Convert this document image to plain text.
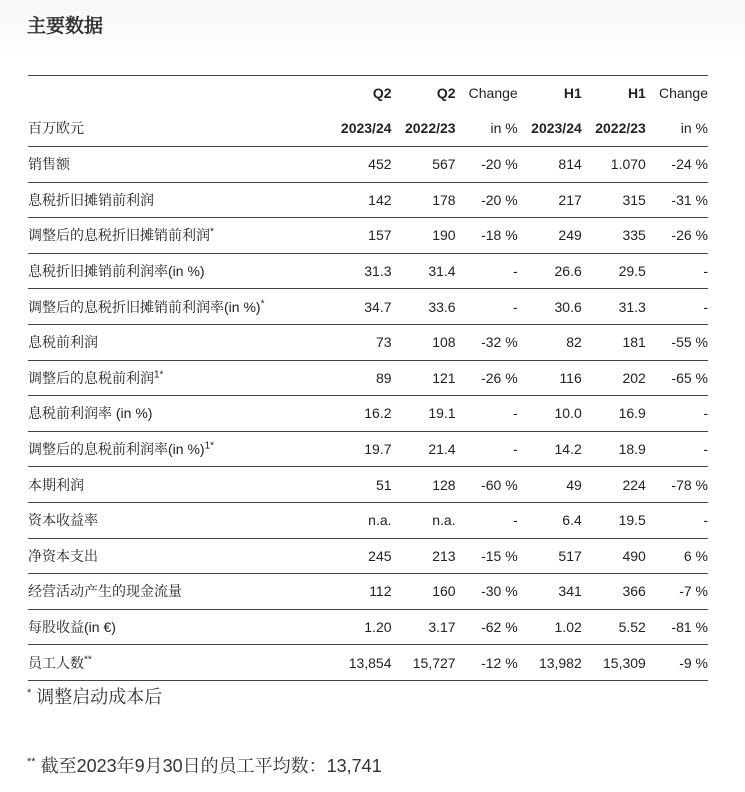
主要数据
	Q2	Q2	Change	H1	H1	Change
百万欧元	2023/24	2022/23	in %	2023/24	2022/23	in %
销售额	452	567	-20 %	814	1.070	-24 %
息税折旧摊销前利润	142	178	-20 %	217	315	-31 %
调整后的息税折旧摊销前利润*	157	190	-18 %	249	335	-26 %
息税折旧摊销前利润率(in %)	31.3	31.4	-	26.6	29.5	-
调整后的息税折旧摊销前利润率(in %)*	34.7	33.6	-	30.6	31.3	-
息税前利润	73	108	-32 %	82	181	-55 %
调整后的息税前利润$^{1*}$	89	121	-26 %	116	202	-65 %
息税前利润率 (in %)	16.2	19.1	-	10.0	16.9	-
调整后的息税前利润率(in %)$^{1*}$	19.7	21.4	-	14.2	18.9	-
本期利润	51	128	-60 %	49	224	-78 %
资本收益率	n.a.	n.a.	-	6.4	19.5	-
净资本支出	245	213	-15 %	517	490	6 %
经营活动产生的现金流量	112	160	-30 %	341	366	-7 %
每股收益(in €)	1.20	3.17	-62 %	1.02	5.52	-81 %
员工人数**	13,854	15,727	-12 %	13,982	15,309	-9 %
* 调整启动成本后
** 截至2023年9月30日的员工平均数：13,741
